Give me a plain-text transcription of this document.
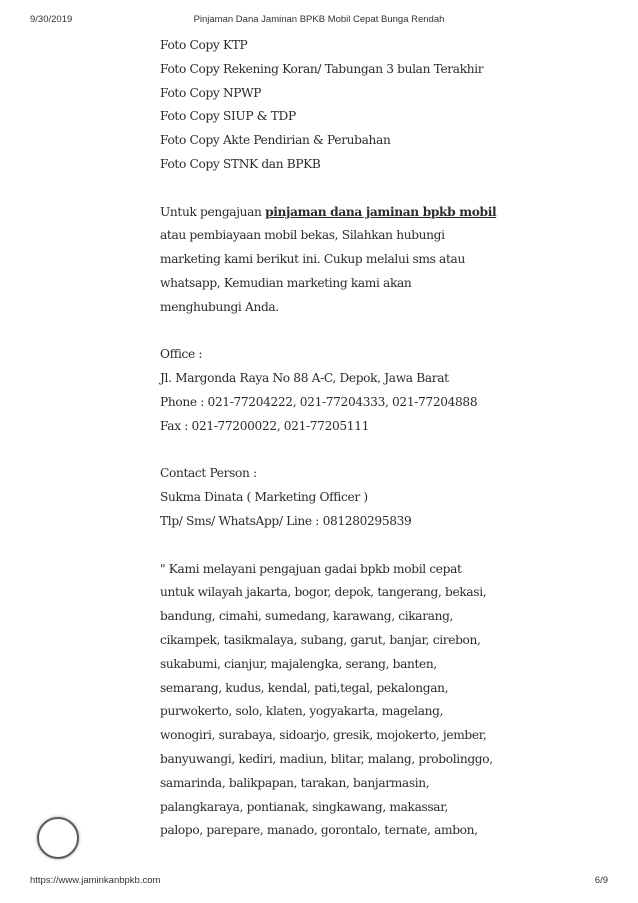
9/30/2019	Pinjaman Dana Jaminan BPKB Mobil Cepat Bunga Rendah
Foto Copy KTP
Foto Copy Rekening Koran/ Tabungan 3 bulan Terakhir
Foto Copy NPWP
Foto Copy SIUP & TDP
Foto Copy Akte Pendirian & Perubahan
Foto Copy STNK dan BPKB
Untuk pengajuan pinjaman dana jaminan bpkb mobil
atau pembiayaan mobil bekas, Silahkan hubungi
marketing kami berikut ini. Cukup melalui sms atau
whatsapp, Kemudian marketing kami akan
menghubungi Anda.
Office :
Jl. Margonda Raya No 88 A-C, Depok, Jawa Barat
Phone : 021-77204222, 021-77204333, 021-77204888
Fax : 021-77200022, 021-77205111
Contact Person :
Sukma Dinata ( Marketing Officer )
Tlp/ Sms/ WhatsApp/ Line : 081280295839
" Kami melayani pengajuan gadai bpkb mobil cepat
untuk wilayah jakarta, bogor, depok, tangerang, bekasi,
bandung, cimahi, sumedang, karawang, cikarang,
cikampek, tasikmalaya, subang, garut, banjar, cirebon,
sukabumi, cianjur, majalengka, serang, banten,
semarang, kudus, kendal, pati,tegal, pekalongan,
purwokerto, solo, klaten, yogyakarta, magelang,
wonogiri, surabaya, sidoarjo, gresik, mojokerto, jember,
banyuwangi, kediri, madiun, blitar, malang, probolinggo,
samarinda, balikpapan, tarakan, banjarmasin,
palangkaraya, pontianak, singkawang, makassar,
palopo, parepare, manado, gorontalo, ternate, ambon,
https://www.jaminkanbpkb.com	6/9
